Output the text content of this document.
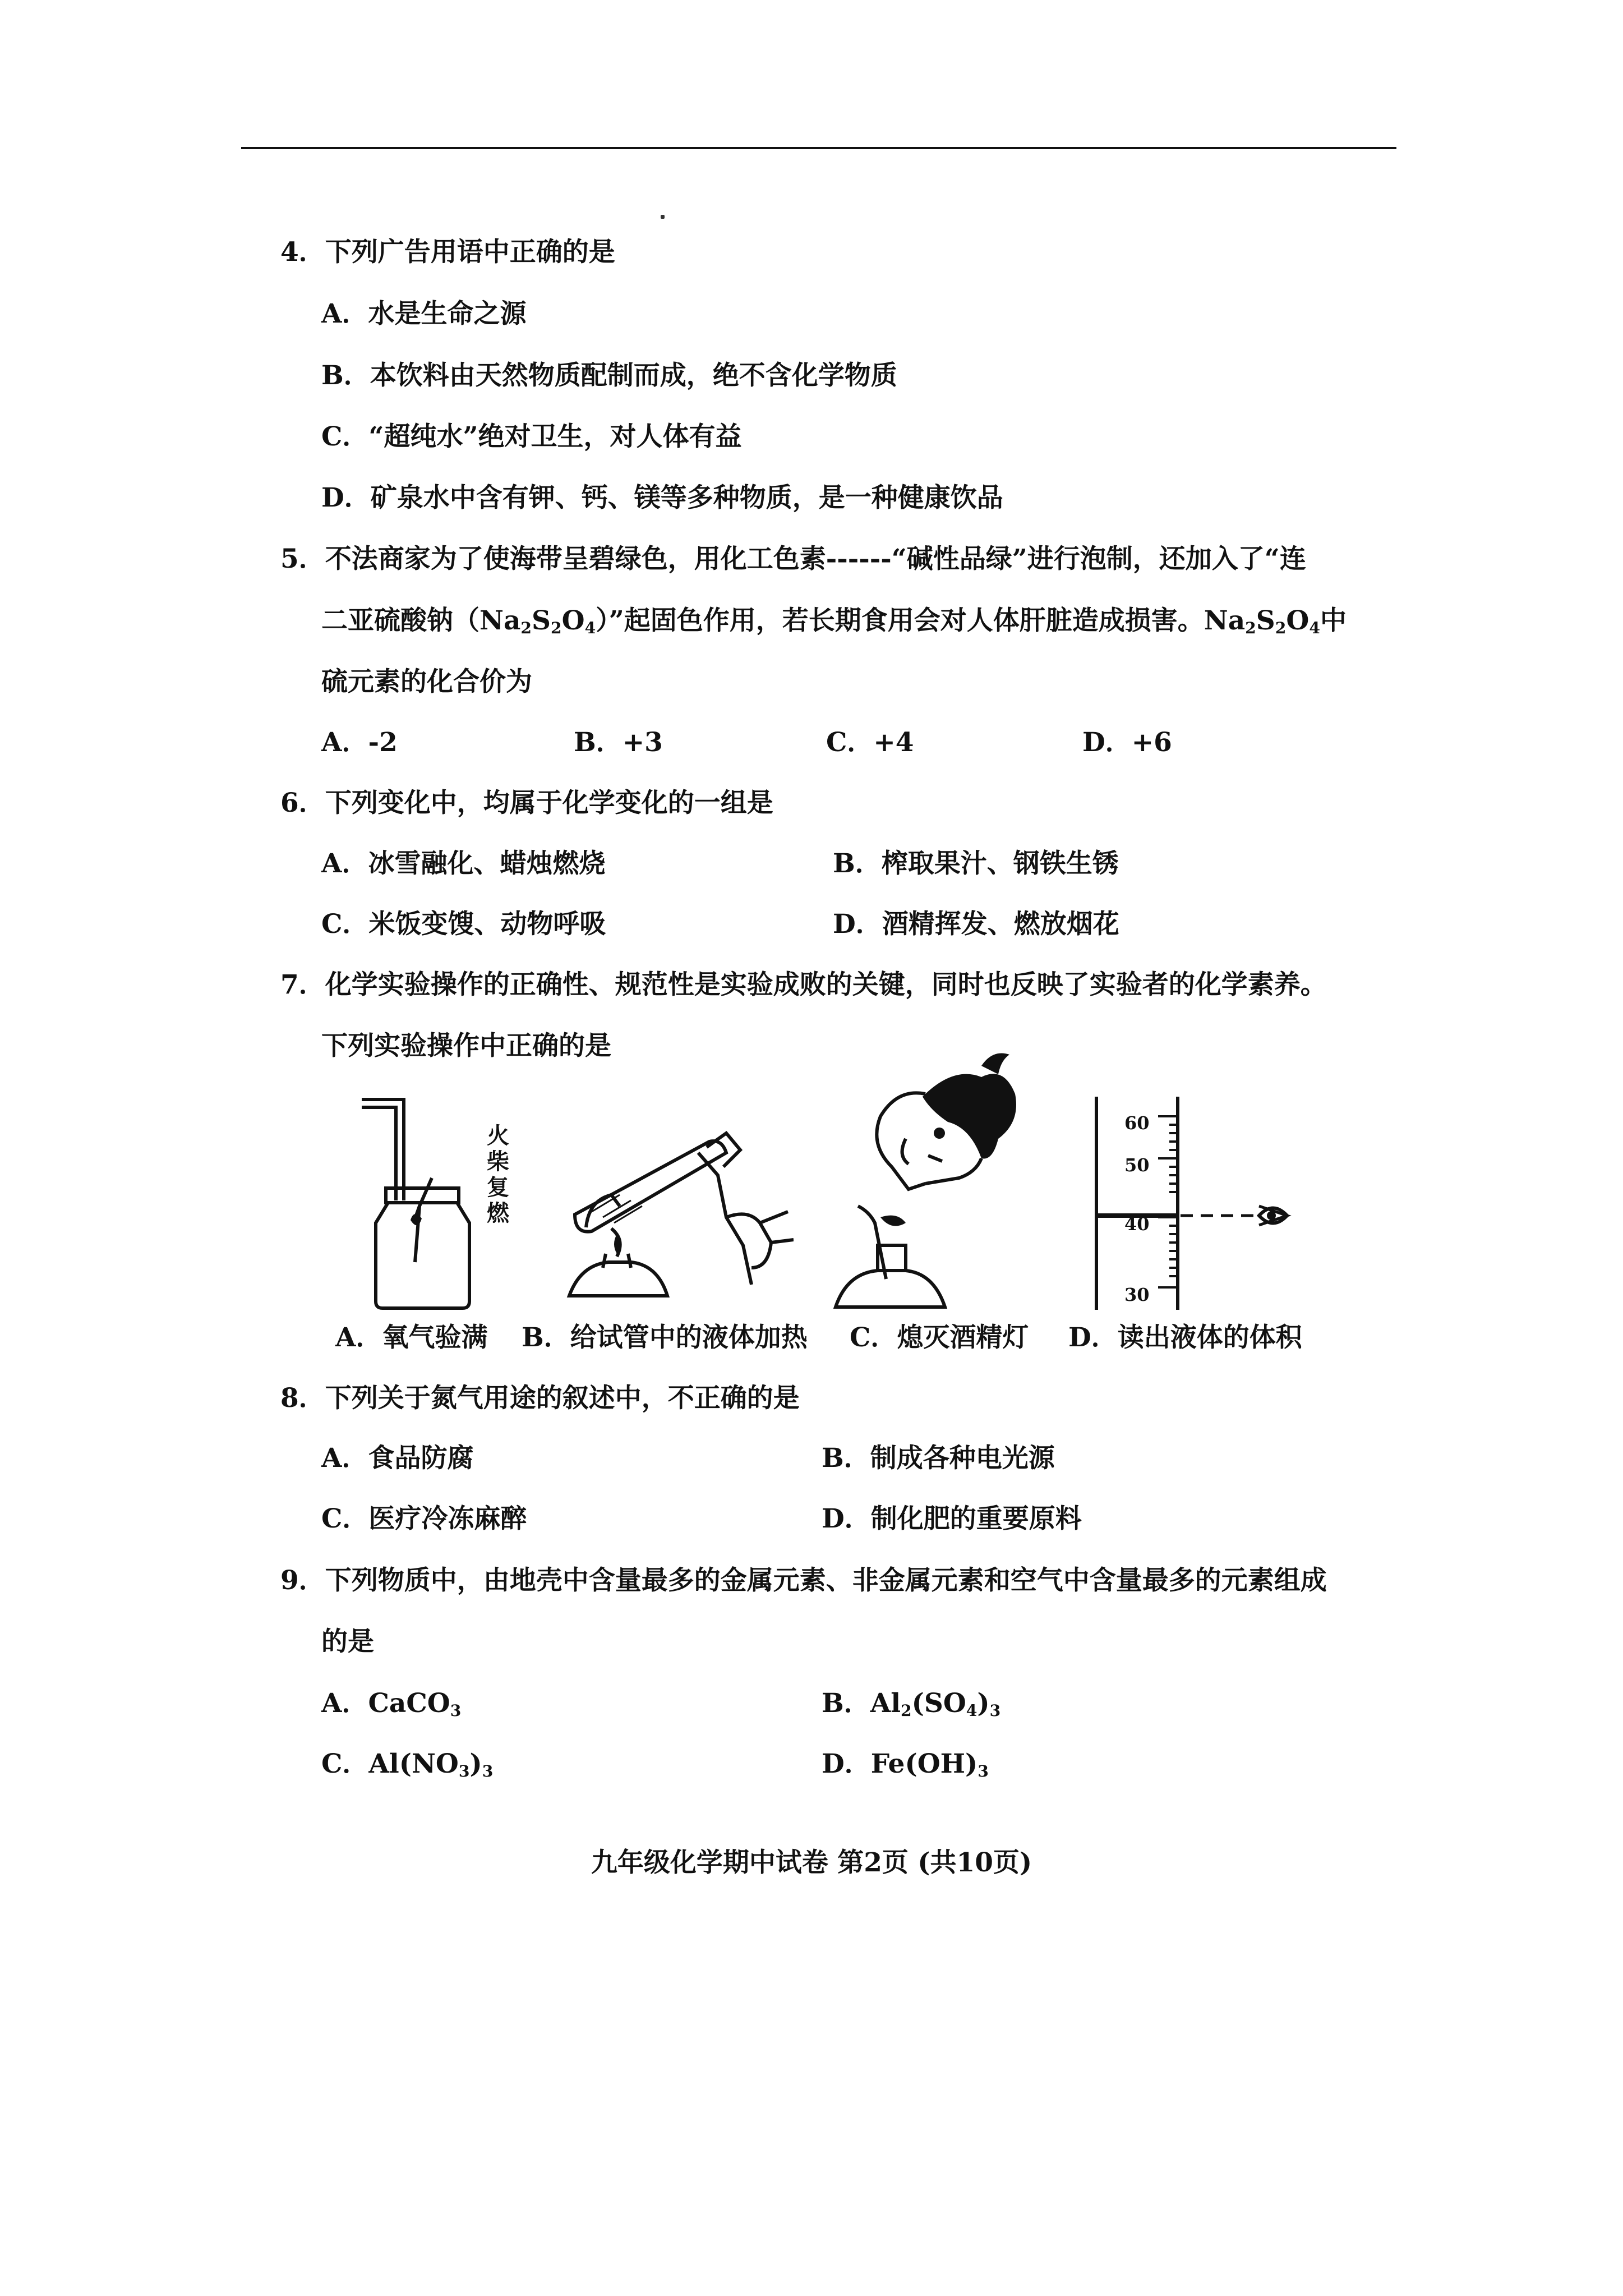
4．下列广告用语中正确的是
A．水是生命之源
B．本饮料由天然物质配制而成，绝不含化学物质
C．“超纯水”绝对卫生，对人体有益
D．矿泉水中含有钾、钙、镁等多种物质，是一种健康饮品
5．不法商家为了使海带呈碧绿色，用化工色素------“碱性品绿”进行泡制，还加入了“连
二亚硫酸钠$(Na_2S_2O_4)$”起固色作用，若长期食用会对人体肝脏造成损害。$Na_2S_2O_4$中
硫元素的化合价为
A．-2	B．+3	C．+4	D．+6
6．下列变化中，均属于化学变化的一组是
A．冰雪融化、蜡烛燃烧	B．榨取果汁、钢铁生锈
C．米饭变馊、动物呼吸	D．酒精挥发、燃放烟花
7．化学实验操作的正确性、规范性是实验成败的关键，同时也反映了实验者的化学素养。
下列实验操作中正确的是
火柴复燃
60
50
40
30
A．氧气验满 B．给试管中的液体加热 C．熄灭酒精灯 D．读出液体的体积
8．下列关于氮气用途的叙述中，不正确的是
A．食品防腐	B．制成各种电光源
C．医疗冷冻麻醉	D．制化肥的重要原料
9．下列物质中，由地壳中含量最多的金属元素、非金属元素和空气中含量最多的元素组成
的是
A．CaCO$_3$	B．$Al_2(SO_4)_3$
C．$Al(NO_3)_3$	D．$Fe(OH)_3$
九年级化学期中试卷 第2页 (共10页)
